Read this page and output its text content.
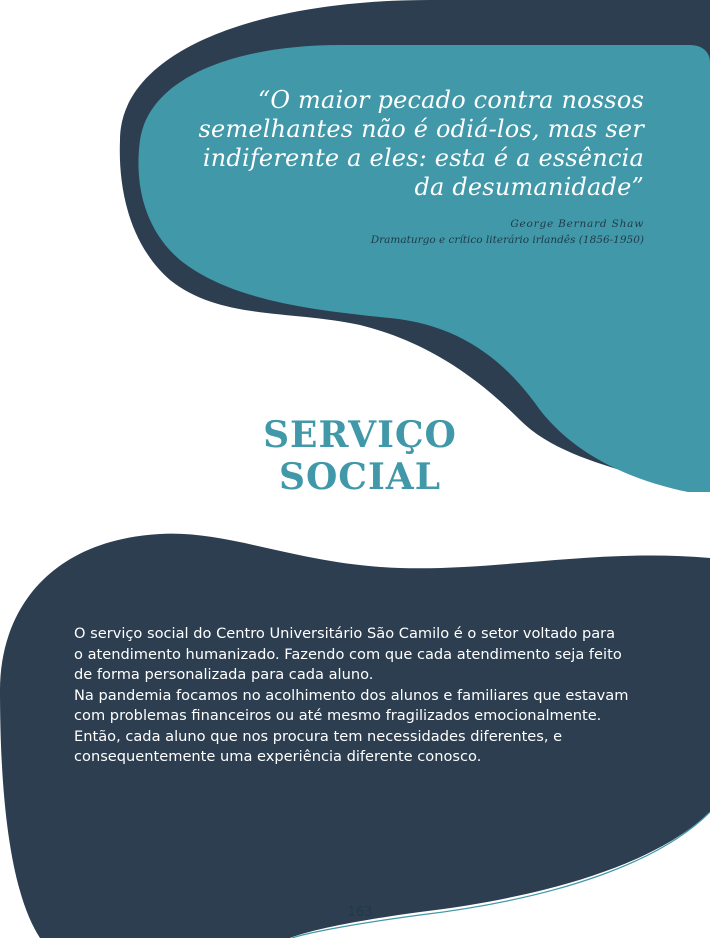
“O maior pecado contra nossos
semelhantes não é odiá-los, mas ser
indiferente a eles: esta é a essência
da desumanidade”

George Bernard Shaw
Dramaturgo e crítico literário irlandês (1856-1950)
SERVIÇO
SOCIAL

O serviço social do Centro Universitário São Camilo é o setor voltado para
o atendimento humanizado. Fazendo com que cada atendimento seja feito
de forma personalizada para cada aluno.

Na pandemia focamos no acolhimento dos alunos e familiares que estavam
com problemas financeiros ou até mesmo fragilizados emocionalmente.
Então, cada aluno que nos procura tem necessidades diferentes, e
consequentemente uma experiência diferente conosco.

163
